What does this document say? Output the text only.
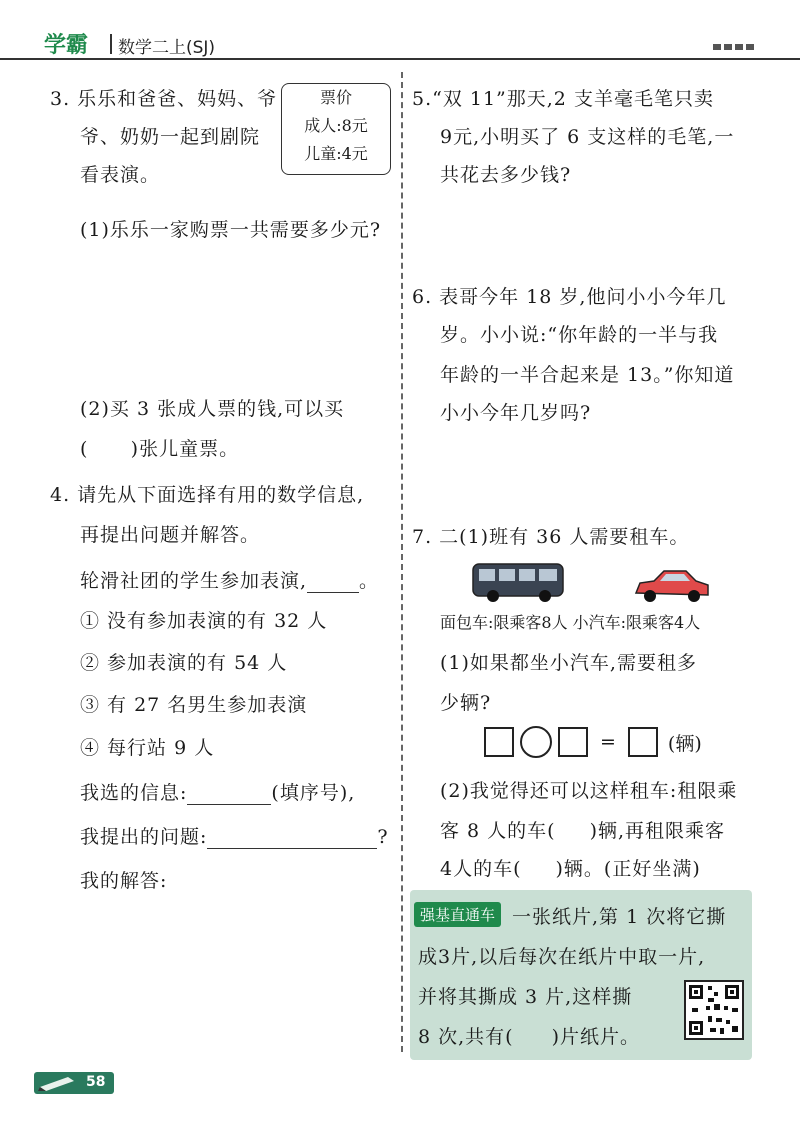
学霸 数学二上(SJ)
3. 乐乐和爸爸、妈妈、爷
爷、奶奶一起到剧院
看表演。
票价
成人:8元
儿童:4元
(1)乐乐一家购票一共需要多少元?
(2)买 3 张成人票的钱,可以买
(      )张儿童票。
4. 请先从下面选择有用的数学信息,
再提出问题并解答。
轮滑社团的学生参加表演,	。
① 没有参加表演的有 32 人
② 参加表演的有 54 人
③ 有 27 名男生参加表演
④ 每行站 9 人
我选的信息:	(填序号),
我提出的问题:	?
我的解答:
5.“双 11”那天,2 支羊毫毛笔只卖
9元,小明买了 6 支这样的毛笔,一
共花去多少钱?
6. 表哥今年 18 岁,他问小小今年几
岁。小小说:“你年龄的一半与我
年龄的一半合起来是 13。”你知道
小小今年几岁吗?
7. 二(1)班有 36 人需要租车。
面包车:限乘客8人 小汽车:限乘客4人
(1)如果都坐小汽车,需要租多
少辆?
=	(辆)
(2)我觉得还可以这样租车:租限乘
客 8 人的车( )辆,再租限乘客
4人的车( )辆。(正好坐满)
强基直通车 一张纸片,第 1 次将它撕
成3片,以后每次在纸片中取一片,
并将其撕成 3 片,这样撕
8 次,共有( )片纸片。
58
